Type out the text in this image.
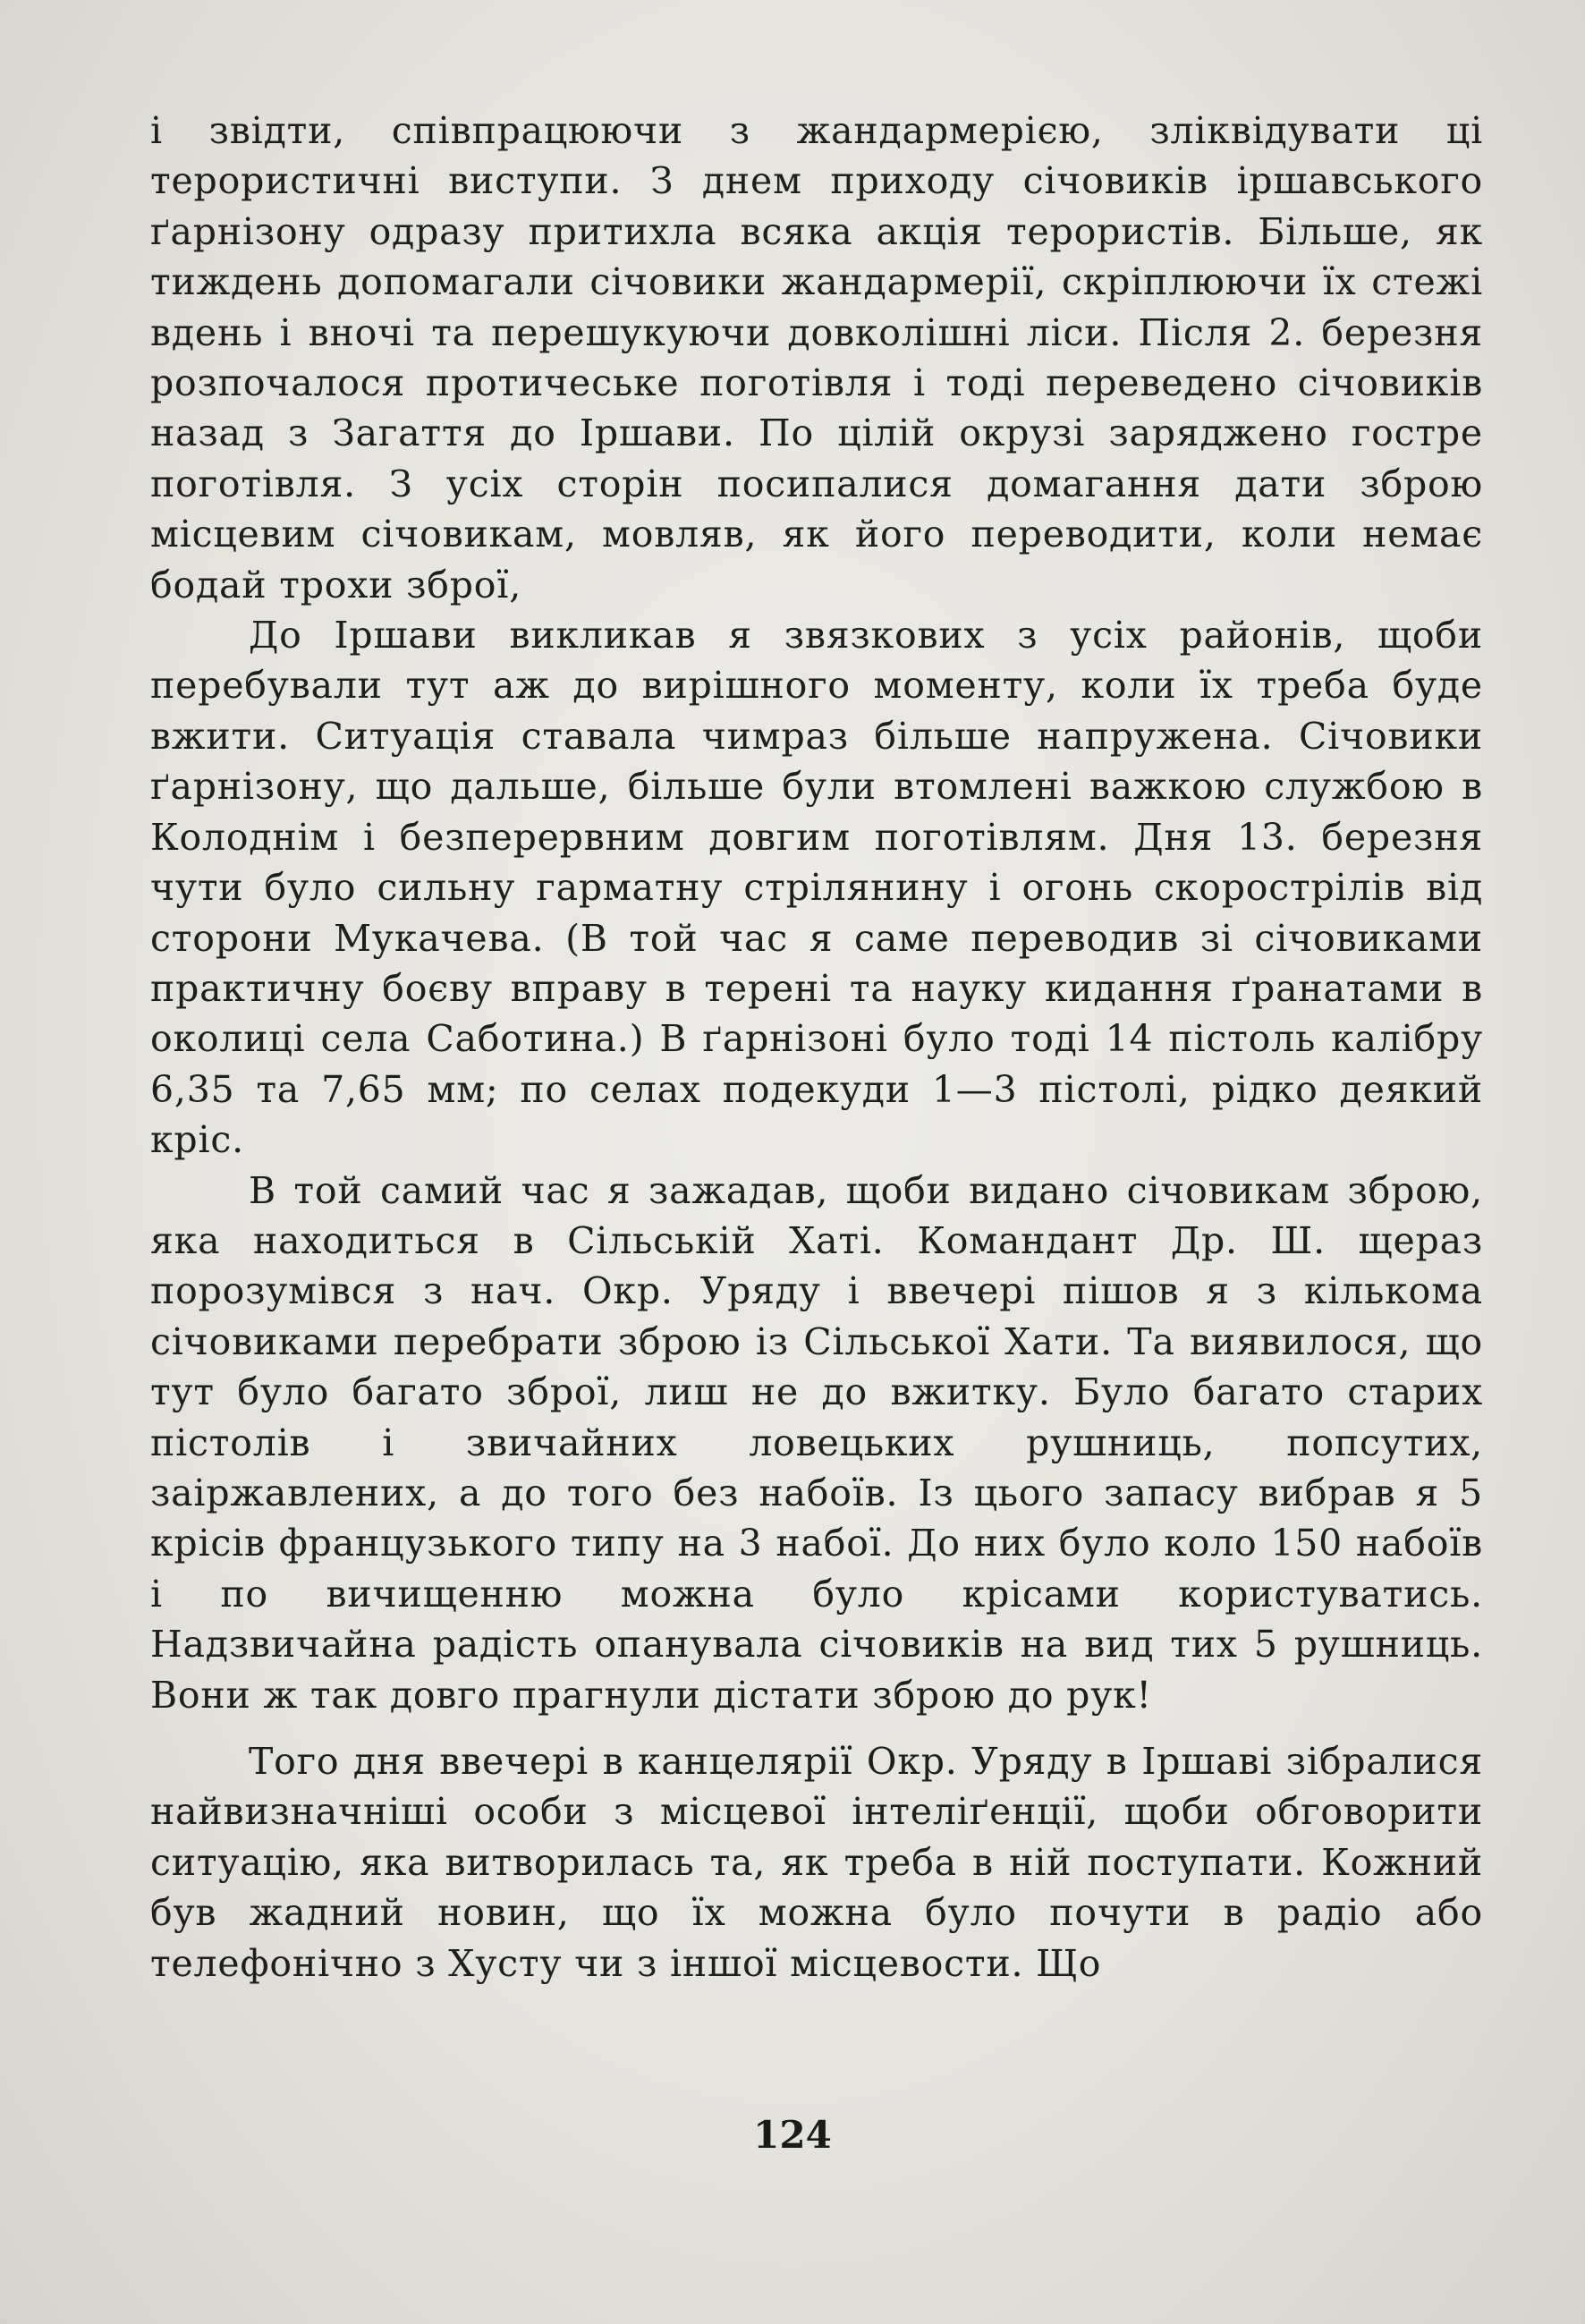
і звідти, співпрацюючи з жандармерією, зліквідувати ці терористичні виступи. З днем приходу січовиків іршавського ґарнізону одразу притихла всяка акція терористів. Більше, як тиждень допомагали січовики жандармерії, скріплюючи їх стежі вдень і вночі та перешукуючи довколішні ліси. Після 2. березня розпочалося протичеське поготівля і тоді переведено січовиків назад з Загаття до Іршави. По цілій окрузі заряджено гостре поготівля. З усіх сторін посипалися домагання дати зброю місцевим січовикам, мовляв, як його переводити, коли немає бодай трохи зброї,

До Іршави викликав я звязкових з усіх районів, щоби перебували тут аж до вирішного моменту, коли їх треба буде вжити. Ситуація ставала чимраз більше напружена. Січовики ґарнізону, що дальше, більше були втомлені важкою службою в Колоднім і безперервним довгим поготівлям. Дня 13. березня чути було сильну гарматну стрілянину і огонь скорострілів від сторони Мукачева. (В той час я саме переводив зі січовиками практичну боєву вправу в терені та науку кидання ґранатами в околиці села Саботина.) В ґарнізоні було тоді 14 пістоль калібру 6,35 та 7,65 мм; по селах подекуди 1—3 пістолі, рідко деякий кріс.

В той самий час я зажадав, щоби видано січовикам зброю, яка находиться в Сільській Хаті. Командант Др. Ш. щераз порозумівся з нач. Окр. Уряду і ввечері пішов я з кількома січовиками перебрати зброю із Сільської Хати. Та виявилося, що тут було багато зброї, лиш не до вжитку. Було багато старих пістолів і звичайних ловецьких рушниць, попсутих, заіржавлених, а до того без набоїв. Із цього запасу вибрав я 5 крісів французького типу на 3 набої. До них було коло 150 набоїв і по вичищенню можна було крісами користуватись. Надзвичайна радість опанувала січовиків на вид тих 5 рушниць. Вони ж так довго прагнули дістати зброю до рук!

Того дня ввечері в канцелярії Окр. Уряду в Іршаві зібралися найвизначніші особи з місцевої інтеліґенції, щоби обговорити ситуацію, яка витворилась та, як треба в ній поступати. Кожний був жадний новин, що їх можна було почути в радіо або телефонічно з Хусту чи з іншої місцевости. Що

124
